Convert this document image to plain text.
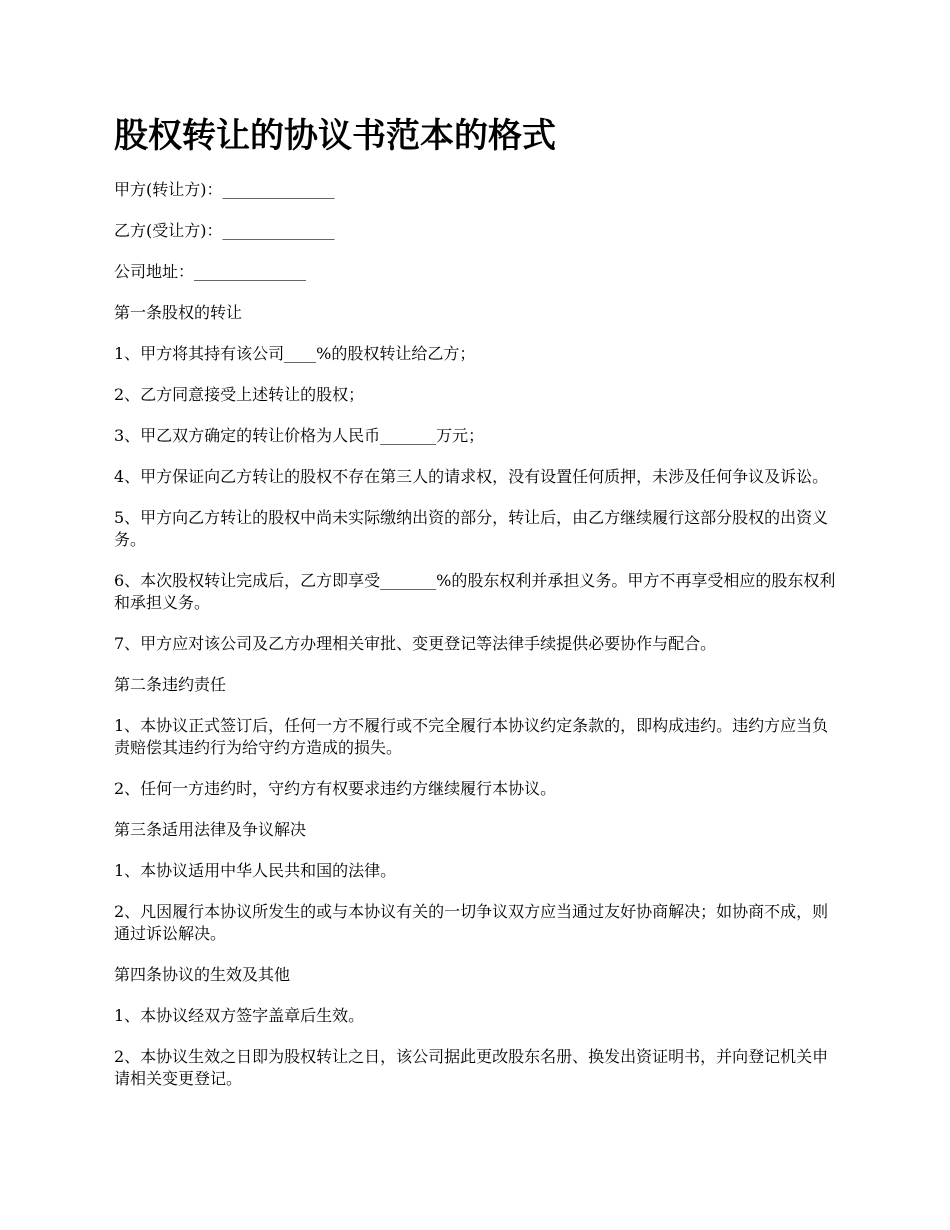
股权转让的协议书范本的格式

甲方(转让方)：______________

乙方(受让方)：______________

公司地址：______________

第一条股权的转让

1、甲方将其持有该公司____%的股权转让给乙方；

2、乙方同意接受上述转让的股权；

3、甲乙双方确定的转让价格为人民币_______万元；

4、甲方保证向乙方转让的股权不存在第三人的请求权，没有设置任何质押，未涉及任何争议及诉讼。

5、甲方向乙方转让的股权中尚未实际缴纳出资的部分，转让后，由乙方继续履行这部分股权的出资义务。

6、本次股权转让完成后，乙方即享受_______%的股东权利并承担义务。甲方不再享受相应的股东权利和承担义务。

7、甲方应对该公司及乙方办理相关审批、变更登记等法律手续提供必要协作与配合。

第二条违约责任

1、本协议正式签订后，任何一方不履行或不完全履行本协议约定条款的，即构成违约。违约方应当负责赔偿其违约行为给守约方造成的损失。

2、任何一方违约时，守约方有权要求违约方继续履行本协议。

第三条适用法律及争议解决

1、本协议适用中华人民共和国的法律。

2、凡因履行本协议所发生的或与本协议有关的一切争议双方应当通过友好协商解决；如协商不成，则通过诉讼解决。

第四条协议的生效及其他

1、本协议经双方签字盖章后生效。

2、本协议生效之日即为股权转让之日，该公司据此更改股东名册、换发出资证明书，并向登记机关申请相关变更登记。
